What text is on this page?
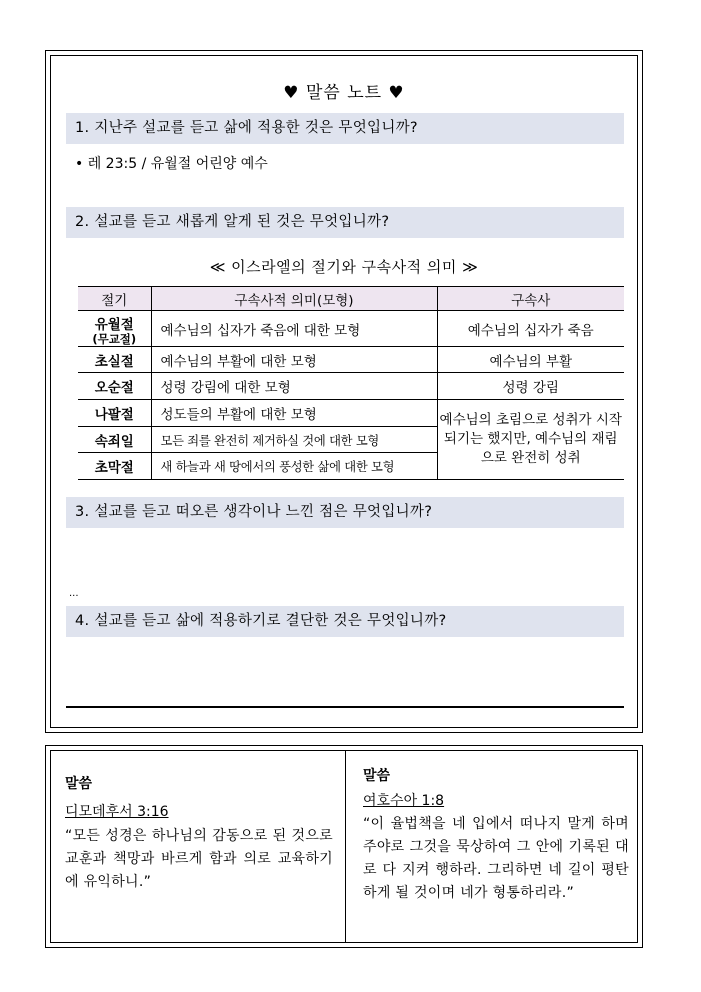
♥ 말씀 노트 ♥
1. 지난주 설교를 듣고 삶에 적용한 것은 무엇입니까?
• 레 23:5 / 유월절 어린양 예수
2. 설교를 듣고 새롭게 알게 된 것은 무엇입니까?
≪ 이스라엘의 절기와 구속사적 의미 ≫
절기	구속사적 의미(모형)	구속사
유월절
(무교절)	예수님의 십자가 죽음에 대한 모형	예수님의 십자가 죽음
초실절	예수님의 부활에 대한 모형	예수님의 부활
오순절	성령 강림에 대한 모형	성령 강림
나팔절	성도들의 부활에 대한 모형	예수님의 초림으로 성취가 시작되기는 했지만, 예수님의 재림으로 완전히 성취
속죄일	모든 죄를 완전히 제거하실 것에 대한 모형	
초막절	새 하늘과 새 땅에서의 풍성한 삶에 대한 모형	
3. 설교를 듣고 떠오른 생각이나 느낀 점은 무엇입니까?
···
4. 설교를 듣고 삶에 적용하기로 결단한 것은 무엇입니까?
말씀
디모데후서 3:16
“모든 성경은 하나님의 감동으로 된 것으로 교훈과 책망과 바르게 함과 의로 교육하기에 유익하니.”
말씀
여호수아 1:8
“이 율법책을 네 입에서 떠나지 말게 하며 주야로 그것을 묵상하여 그 안에 기록된 대로 다 지켜 행하라. 그리하면 네 길이 평탄하게 될 것이며 네가 형통하리라.”
